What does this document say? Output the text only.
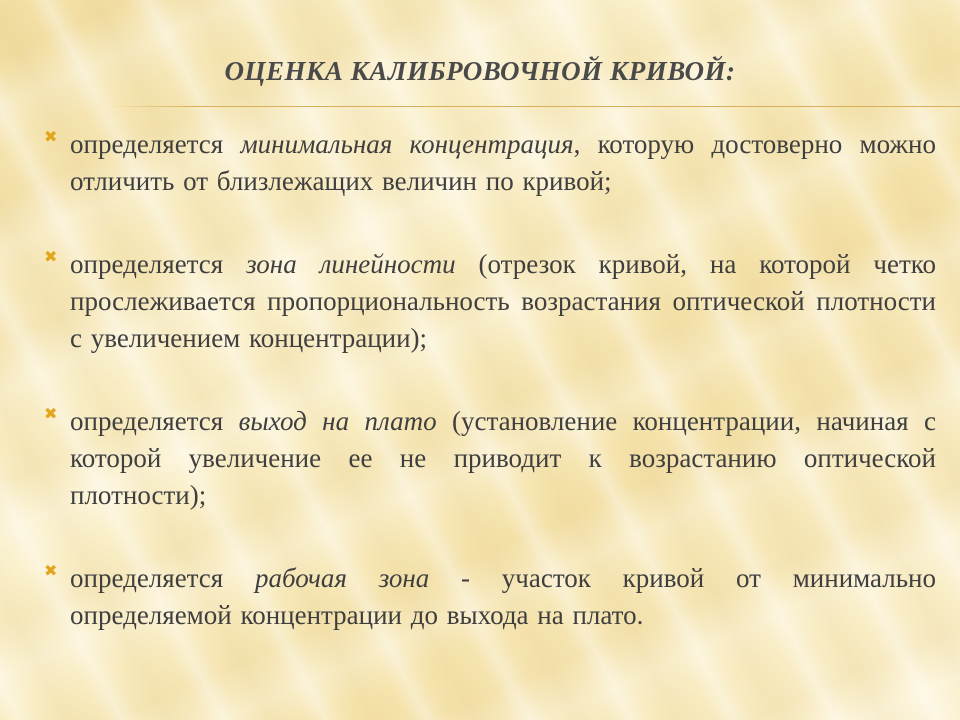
ОЦЕНКА КАЛИБРОВОЧНОЙ КРИВОЙ:
✖ определяется минимальная концентрация, которую достоверно можно отличить от близлежащих величин по кривой;
✖ определяется зона линейности (отрезок кривой, на которой четко прослеживается пропорциональность возрастания оптической плотности с увеличением концентрации);
✖ определяется выход на плато (установление концентрации, начиная с которой увеличение ее не приводит к возрастанию оптической плотности);
✖ определяется рабочая зона - участок кривой от минимально определяемой концентрации до выхода на плато.
